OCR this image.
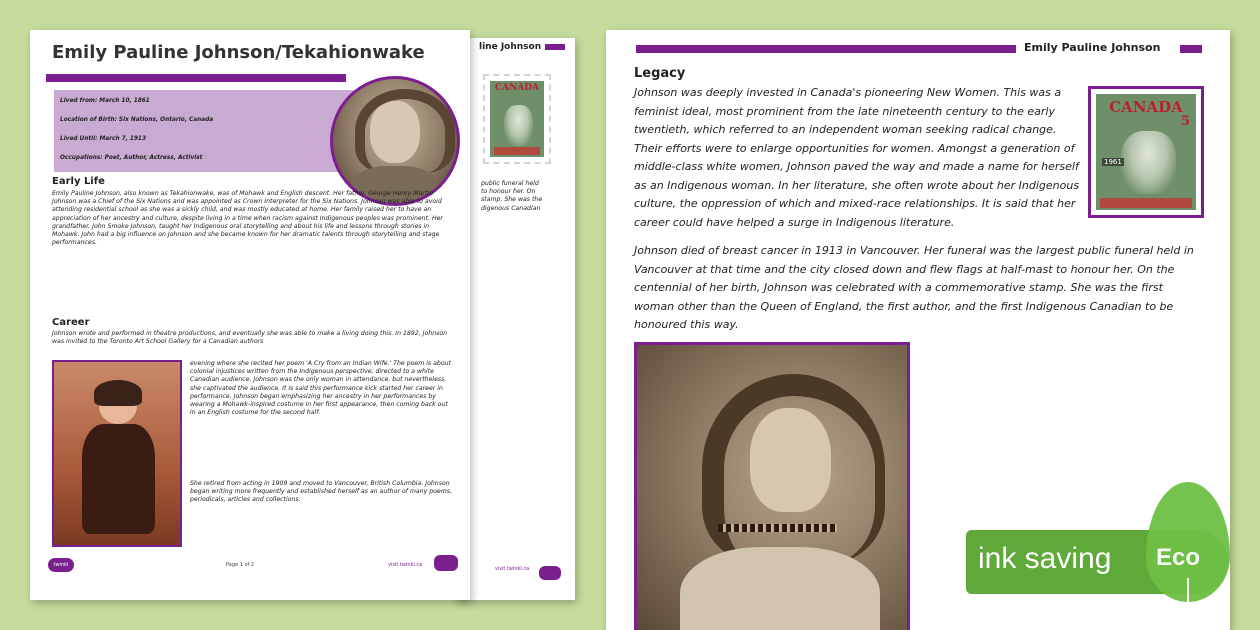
line Johnson
CANADA
public funeral held
to honour her. On
stamp. She was the
digenous Canadian
visit twinkl.ca
Emily Pauline Johnson/Tekahionwake
Lived from: March 10, 1861
Location of Birth: Six Nations, Ontario, Canada
Lived Until: March 7, 1913
Occupations: Poet, Author, Actress, Activist
Early Life
Emily Pauline Johnson, also known as Tekahionwake, was of Mohawk and English descent. Her father, George Henry Martin Johnson was a Chief of the Six Nations and was appointed as Crown Interpreter for the Six Nations. Johnson was able to avoid attending residential school as she was a sickly child, and was mostly educated at home. Her family raised her to have an appreciation of her ancestry and culture, despite living in a time when racism against Indigenous peoples was prominent. Her grandfather, John Smoke Johnson, taught her Indigenous oral storytelling and about his life and lessons through stories in Mohawk. John had a big influence on Johnson and she became known for her dramatic talents through storytelling and stage performances.
Career
Johnson wrote and performed in theatre productions, and eventually she was able to make a living doing this. In 1892, Johnson was invited to the Toronto Art School Gallery for a Canadian authors
evening where she recited her poem 'A Cry from an Indian Wife.' The poem is about colonial injustices written from the Indigenous perspective, directed to a white Canadian audience. Johnson was the only woman in attendance, but nevertheless, she captivated the audience. It is said this performance kick started her career in performance. Johnson began emphasizing her ancestry in her performances by wearing a Mohawk-inspired costume in her first appearance, then coming back out in an English costume for the second half.
She retired from acting in 1909 and moved to Vancouver, British Columbia. Johnson began writing more frequently and established herself as an author of many poems, periodicals, articles and collections.
twinkl	Page 1 of 2	visit twinkl.ca
Emily Pauline Johnson
Legacy
Johnson was deeply invested in Canada's pioneering New Women. This was a feminist ideal, most prominent from the late nineteenth century to the early twentieth, which referred to an independent woman seeking radical change. Their efforts were to enlarge opportunities for women. Amongst a generation of middle-class white women, Johnson paved the way and made a name for herself as an Indigenous woman. In her literature, she often wrote about her Indigenous culture, the oppression of which and mixed-race relationships. It is said that her career could have helped a surge in Indigenous literature.
CANADA
5
1961
Johnson died of breast cancer in 1913 in Vancouver. Her funeral was the largest public funeral held in Vancouver at that time and the city closed down and flew flags at half-mast to honour her. On the centennial of her birth, Johnson was celebrated with a commemorative stamp. She was the first woman other than the Queen of England, the first author, and the first Indigenous Canadian to be honoured this way.
ink saving Eco
